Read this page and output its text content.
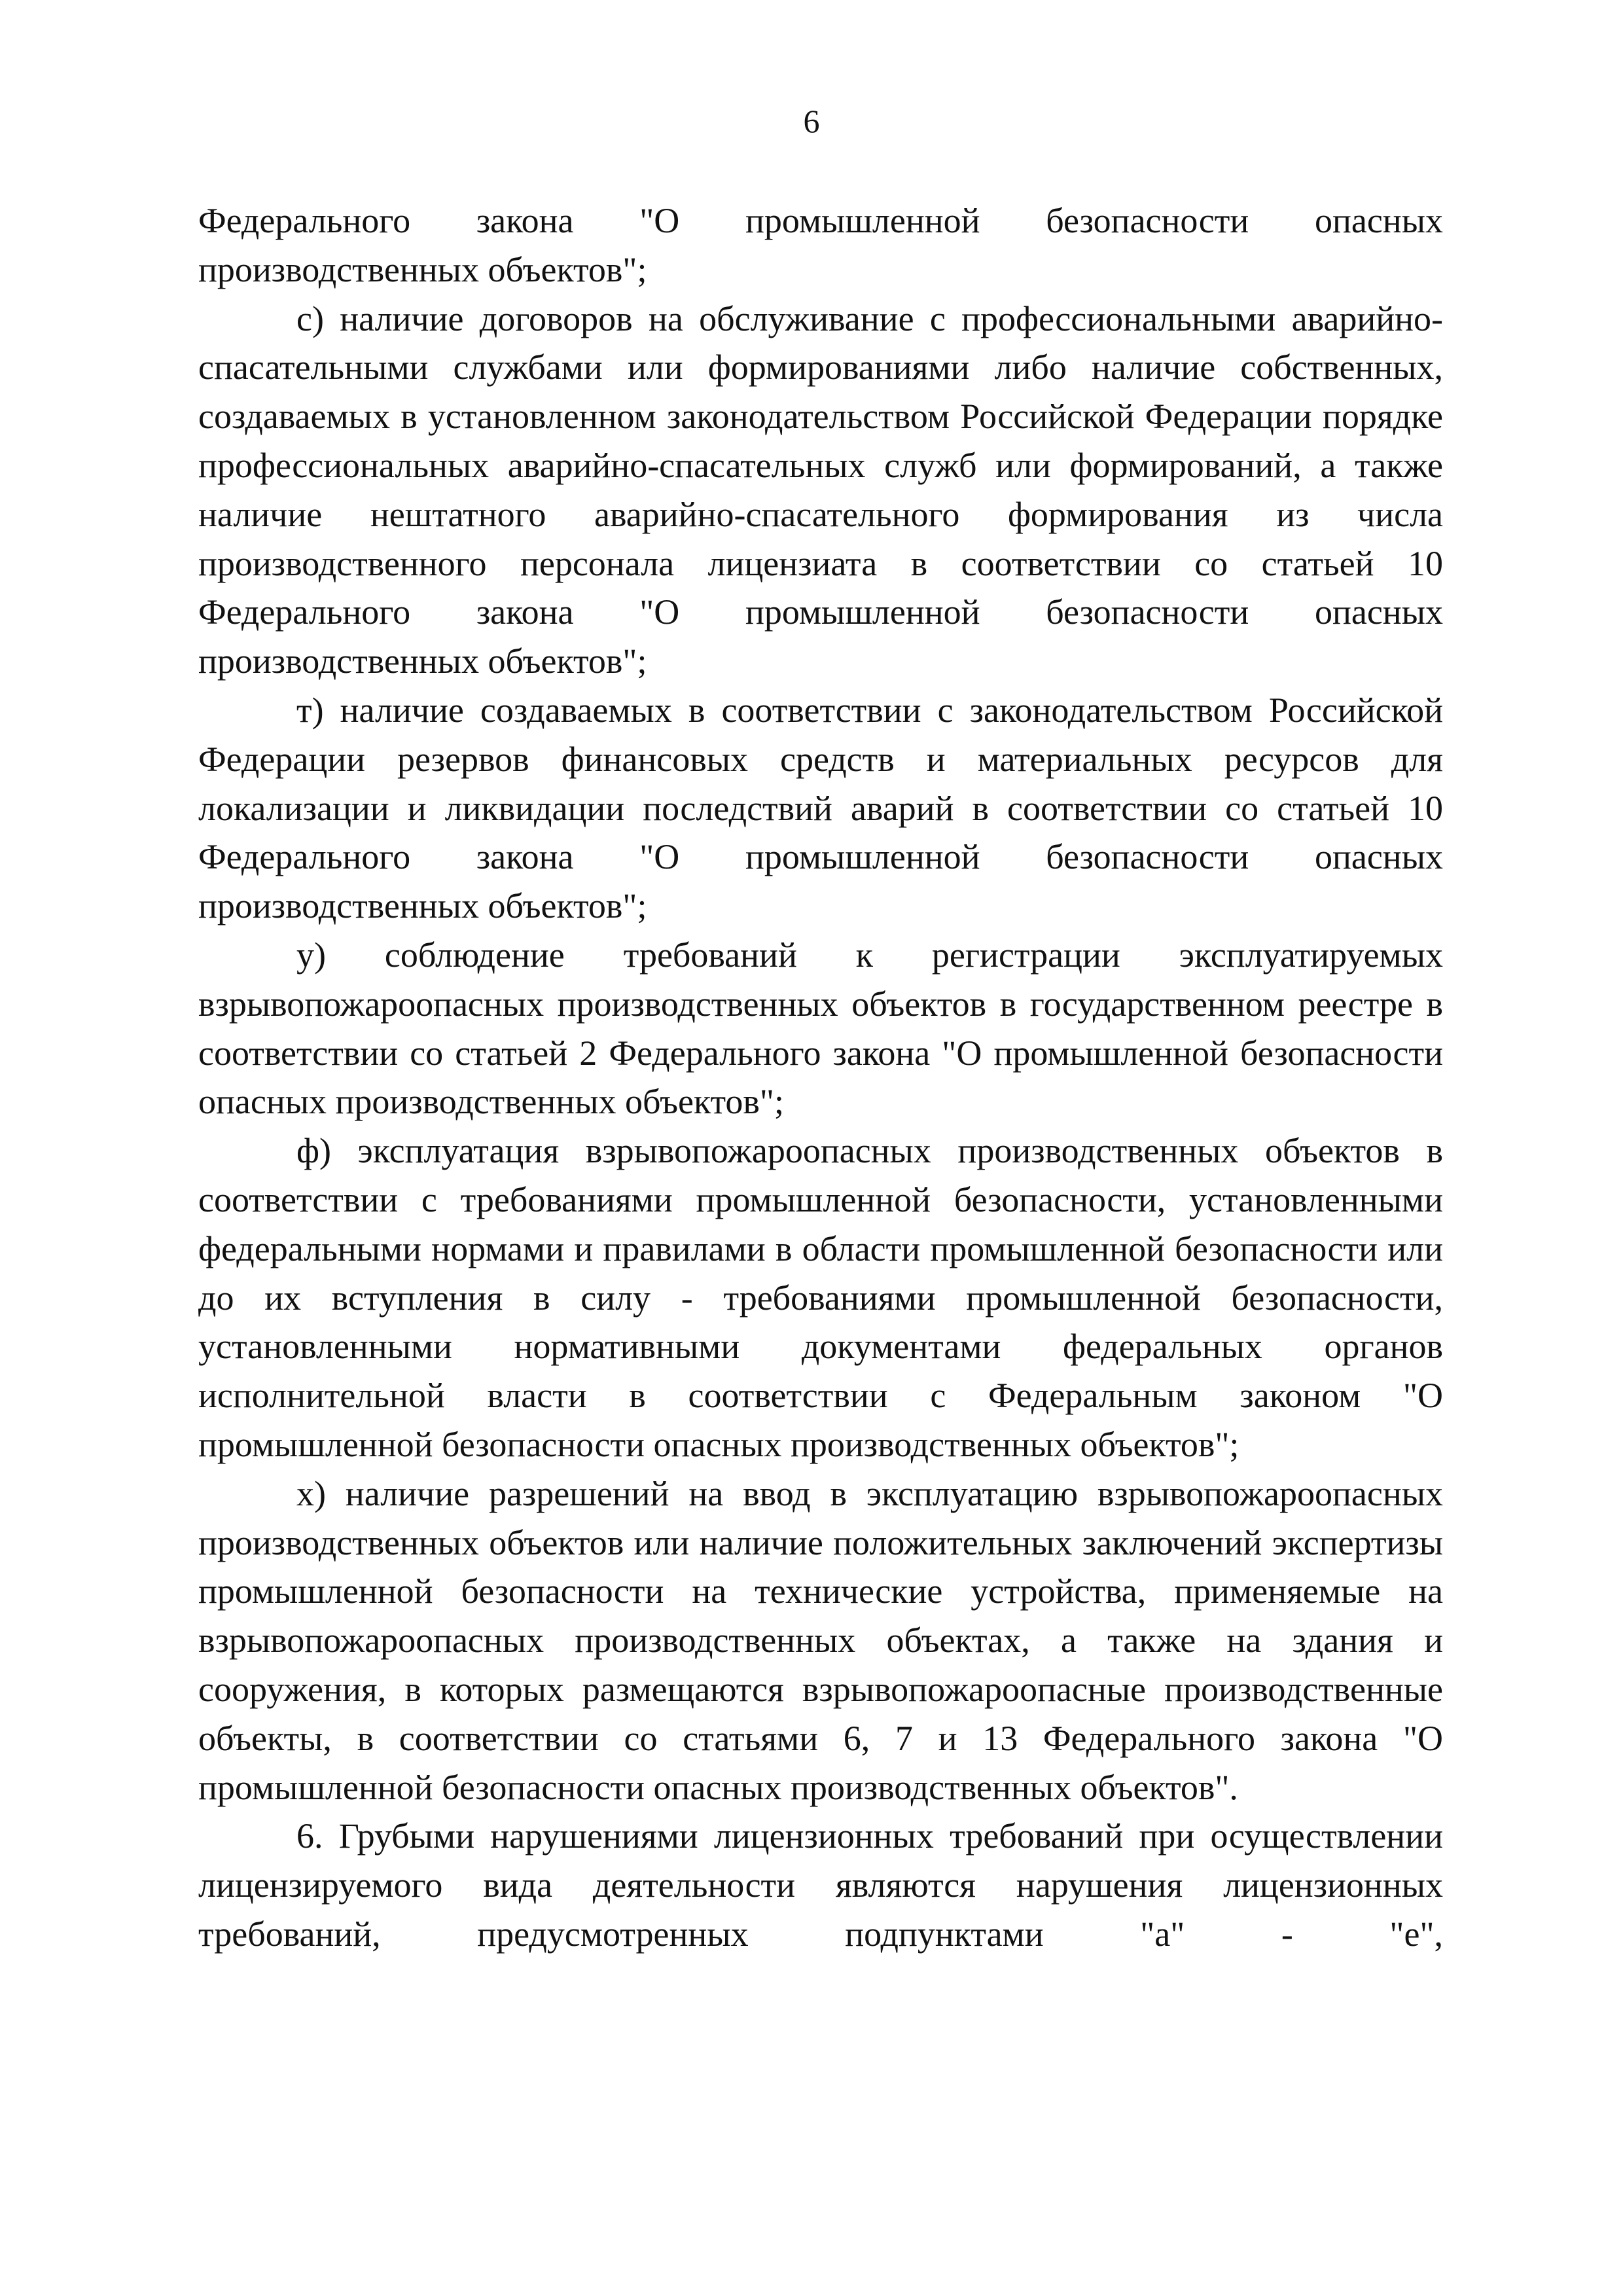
6

Федерального закона "О промышленной безопасности опасных производственных объектов";

с) наличие договоров на обслуживание с профессиональными аварийно-спасательными службами или формированиями либо наличие собственных, создаваемых в установленном законодательством Российской Федерации порядке профессиональных аварийно-спасательных служб или формирований, а также наличие нештатного аварийно-спасательного формирования из числа производственного персонала лицензиата в соответствии со статьей 10 Федерального закона "О промышленной безопасности опасных производственных объектов";

т) наличие создаваемых в соответствии с законодательством Российской Федерации резервов финансовых средств и материальных ресурсов для локализации и ликвидации последствий аварий в соответствии со статьей 10 Федерального закона "О промышленной безопасности опасных производственных объектов";

у) соблюдение требований к регистрации эксплуатируемых взрывопожароопасных производственных объектов в государственном реестре в соответствии со статьей 2 Федерального закона "О промышленной безопасности опасных производственных объектов";

ф) эксплуатация взрывопожароопасных производственных объектов в соответствии с требованиями промышленной безопасности, установленными федеральными нормами и правилами в области промышленной безопасности или до их вступления в силу - требованиями промышленной безопасности, установленными нормативными документами федеральных органов исполнительной власти в соответствии с Федеральным законом "О промышленной безопасности опасных производственных объектов";

х) наличие разрешений на ввод в эксплуатацию взрывопожароопасных производственных объектов или наличие положительных заключений экспертизы промышленной безопасности на технические устройства, применяемые на взрывопожароопасных производственных объектах, а также на здания и сооружения, в которых размещаются взрывопожароопасные производственные объекты, в соответствии со статьями 6, 7 и 13 Федерального закона "О промышленной безопасности опасных производственных объектов".

6. Грубыми нарушениями лицензионных требований при осуществлении лицензируемого вида деятельности являются нарушения лицензионных требований, предусмотренных подпунктами "а" - "е",
